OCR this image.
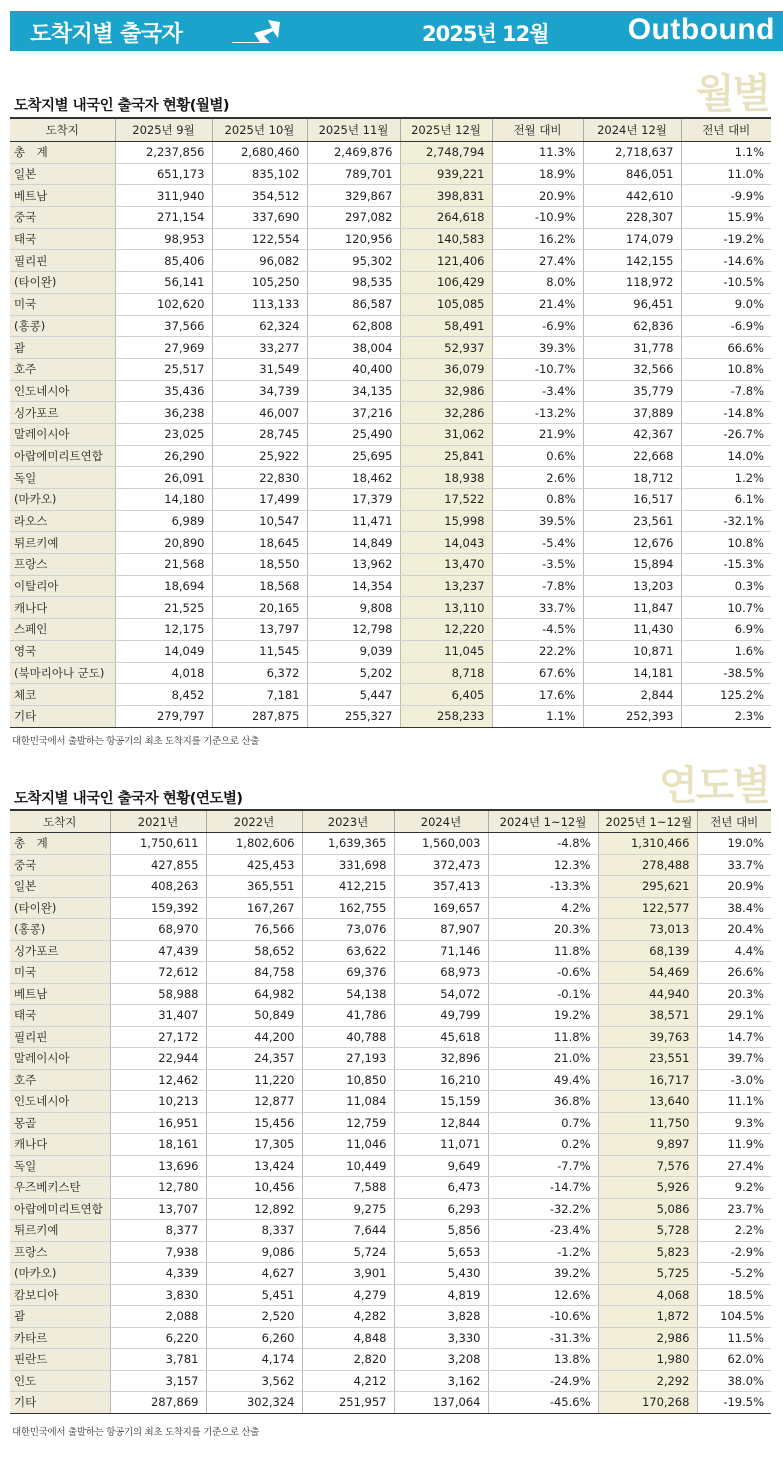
도착지별 출국자	2025년 12월	Outbound
월별
도착지별 내국인 출국자 현황(월별)
도착지	2025년 9월	2025년 10월	2025년 11월	2025년 12월	전월 대비	2024년 12월	전년 대비
총　계	2,237,856	2,680,460	2,469,876	2,748,794	11.3%	2,718,637	1.1%
일본	651,173	835,102	789,701	939,221	18.9%	846,051	11.0%
베트남	311,940	354,512	329,867	398,831	20.9%	442,610	-9.9%
중국	271,154	337,690	297,082	264,618	-10.9%	228,307	15.9%
태국	98,953	122,554	120,956	140,583	16.2%	174,079	-19.2%
필리핀	85,406	96,082	95,302	121,406	27.4%	142,155	-14.6%
(타이완)	56,141	105,250	98,535	106,429	8.0%	118,972	-10.5%
미국	102,620	113,133	86,587	105,085	21.4%	96,451	9.0%
(홍콩)	37,566	62,324	62,808	58,491	-6.9%	62,836	-6.9%
괌	27,969	33,277	38,004	52,937	39.3%	31,778	66.6%
호주	25,517	31,549	40,400	36,079	-10.7%	32,566	10.8%
인도네시아	35,436	34,739	34,135	32,986	-3.4%	35,779	-7.8%
싱가포르	36,238	46,007	37,216	32,286	-13.2%	37,889	-14.8%
말레이시아	23,025	28,745	25,490	31,062	21.9%	42,367	-26.7%
아랍에미리트연합	26,290	25,922	25,695	25,841	0.6%	22,668	14.0%
독일	26,091	22,830	18,462	18,938	2.6%	18,712	1.2%
(마카오)	14,180	17,499	17,379	17,522	0.8%	16,517	6.1%
라오스	6,989	10,547	11,471	15,998	39.5%	23,561	-32.1%
튀르키예	20,890	18,645	14,849	14,043	-5.4%	12,676	10.8%
프랑스	21,568	18,550	13,962	13,470	-3.5%	15,894	-15.3%
이탈리아	18,694	18,568	14,354	13,237	-7.8%	13,203	0.3%
캐나다	21,525	20,165	9,808	13,110	33.7%	11,847	10.7%
스페인	12,175	13,797	12,798	12,220	-4.5%	11,430	6.9%
영국	14,049	11,545	9,039	11,045	22.2%	10,871	1.6%
(북마리아나 군도)	4,018	6,372	5,202	8,718	67.6%	14,181	-38.5%
체코	8,452	7,181	5,447	6,405	17.6%	2,844	125.2%
기타	279,797	287,875	255,327	258,233	1.1%	252,393	2.3%
대한민국에서 출발하는 항공기의 최초 도착지를 기준으로 산출
연도별
도착지별 내국인 출국자 현황(연도별)
도착지	2021년	2022년	2023년	2024년	2024년 1~12월	2025년 1~12월	전년 대비
총　계	1,750,611	1,802,606	1,639,365	1,560,003	-4.8%	1,310,466	19.0%
중국	427,855	425,453	331,698	372,473	12.3%	278,488	33.7%
일본	408,263	365,551	412,215	357,413	-13.3%	295,621	20.9%
(타이완)	159,392	167,267	162,755	169,657	4.2%	122,577	38.4%
(홍콩)	68,970	76,566	73,076	87,907	20.3%	73,013	20.4%
싱가포르	47,439	58,652	63,622	71,146	11.8%	68,139	4.4%
미국	72,612	84,758	69,376	68,973	-0.6%	54,469	26.6%
베트남	58,988	64,982	54,138	54,072	-0.1%	44,940	20.3%
태국	31,407	50,849	41,786	49,799	19.2%	38,571	29.1%
필리핀	27,172	44,200	40,788	45,618	11.8%	39,763	14.7%
말레이시아	22,944	24,357	27,193	32,896	21.0%	23,551	39.7%
호주	12,462	11,220	10,850	16,210	49.4%	16,717	-3.0%
인도네시아	10,213	12,877	11,084	15,159	36.8%	13,640	11.1%
몽골	16,951	15,456	12,759	12,844	0.7%	11,750	9.3%
캐나다	18,161	17,305	11,046	11,071	0.2%	9,897	11.9%
독일	13,696	13,424	10,449	9,649	-7.7%	7,576	27.4%
우즈베키스탄	12,780	10,456	7,588	6,473	-14.7%	5,926	9.2%
아랍에미리트연합	13,707	12,892	9,275	6,293	-32.2%	5,086	23.7%
튀르키예	8,377	8,337	7,644	5,856	-23.4%	5,728	2.2%
프랑스	7,938	9,086	5,724	5,653	-1.2%	5,823	-2.9%
(마카오)	4,339	4,627	3,901	5,430	39.2%	5,725	-5.2%
캄보디아	3,830	5,451	4,279	4,819	12.6%	4,068	18.5%
괌	2,088	2,520	4,282	3,828	-10.6%	1,872	104.5%
카타르	6,220	6,260	4,848	3,330	-31.3%	2,986	11.5%
핀란드	3,781	4,174	2,820	3,208	13.8%	1,980	62.0%
인도	3,157	3,562	4,212	3,162	-24.9%	2,292	38.0%
기타	287,869	302,324	251,957	137,064	-45.6%	170,268	-19.5%
대한민국에서 출발하는 항공기의 최초 도착지를 기준으로 산출
